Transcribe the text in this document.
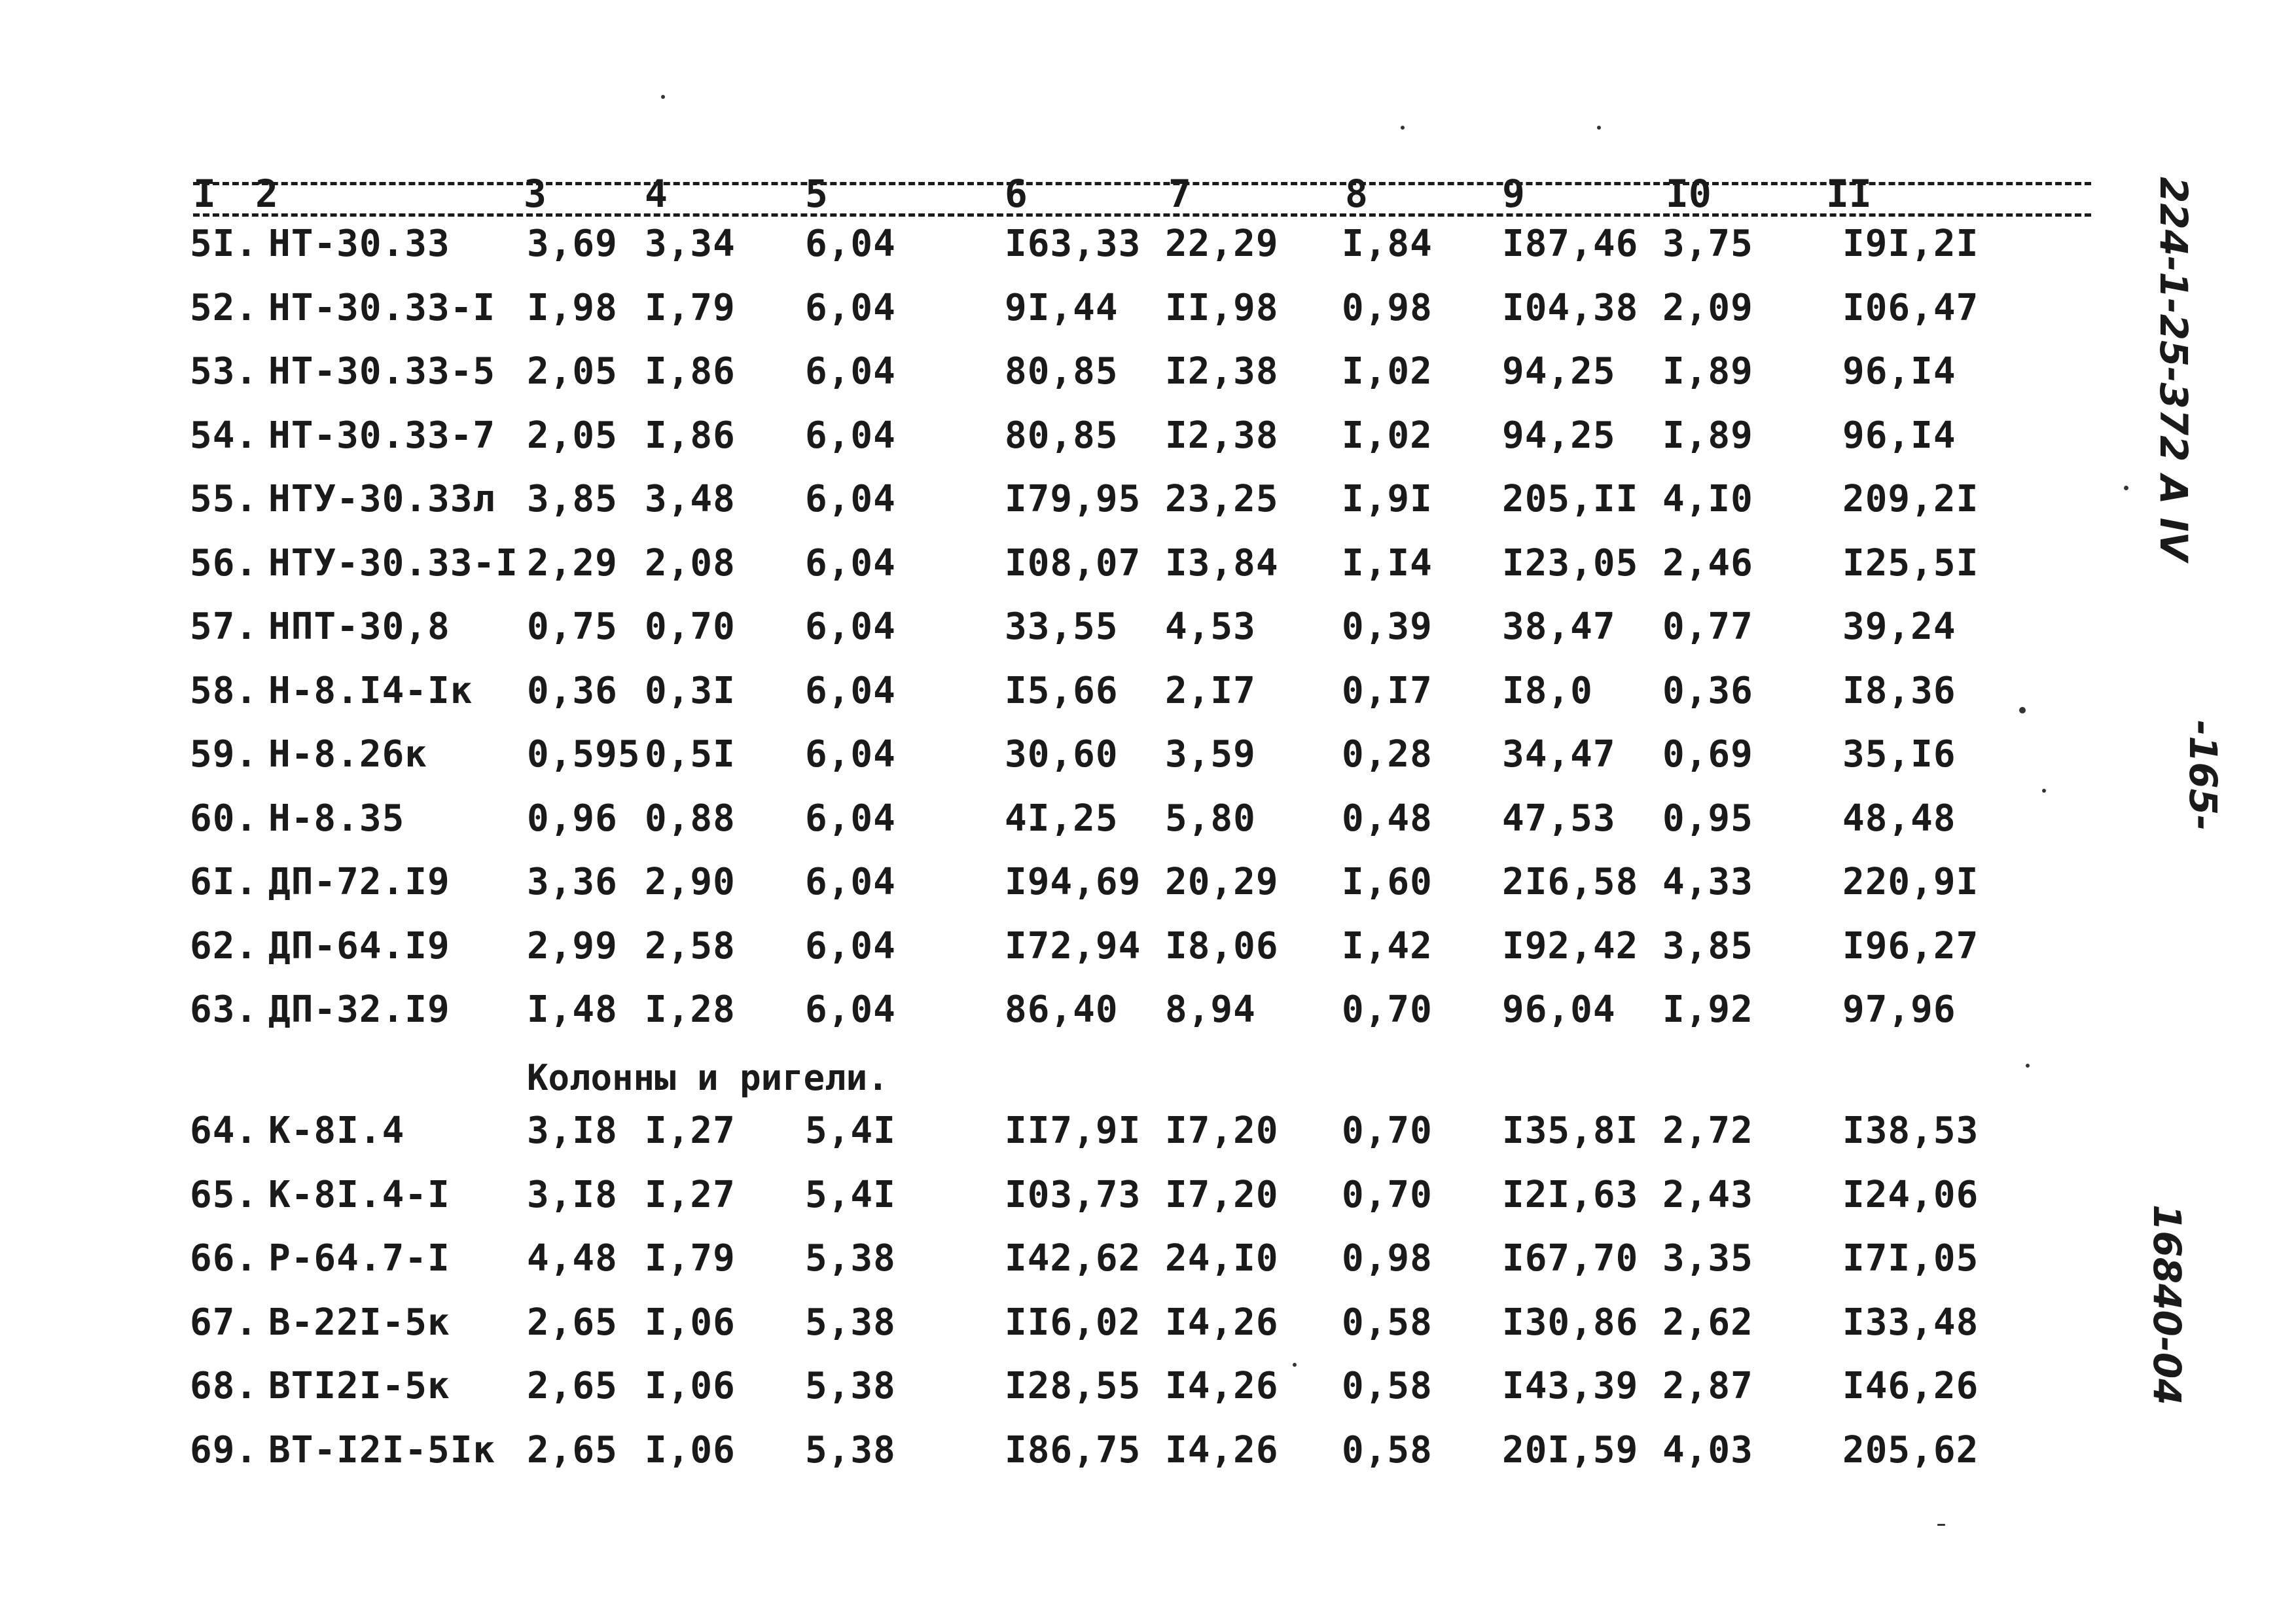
I 2	3	4	5	6	7	8	9	I0	II
5I. НТ-30.33 3,69 3,34 6,04	I63,33 22,29 I,84 I87,46 3,75 I9I,2I
52. НТ-30.33-I I,98 I,79 6,04	9I,44 II,98 0,98 I04,38 2,09 I06,47
53. НТ-30.33-5 2,05 I,86 6,04	80,85 I2,38 I,02 94,25 I,89 96,I4
54. НТ-30.33-7 2,05 I,86 6,04	80,85 I2,38 I,02 94,25 I,89 96,I4
55. НТУ-30.33л 3,85 3,48 6,04	I79,95 23,25 I,9I 205,II 4,I0 209,2I
56. НТУ-30.33-I 2,29 2,08 6,04	I08,07 I3,84 I,I4 I23,05 2,46 I25,5I
57. НПТ-30,8 0,75 0,70 6,04	33,55 4,53 0,39 38,47 0,77 39,24
58. Н-8.I4-Iк 0,36 0,3I 6,04	I5,66 2,I7 0,I7 I8,0 0,36 I8,36
59. Н-8.26к	0,595 0,5I 6,04	30,60 3,59 0,28 34,47 0,69 35,I6
60. Н-8.35	0,96 0,88 6,04	4I,25 5,80 0,48 47,53 0,95 48,48
6I. ДП-72.I9 3,36 2,90 6,04	I94,69 20,29 I,60 2I6,58 4,33 220,9I
62. ДП-64.I9 2,99 2,58 6,04	I72,94 I8,06 I,42 I92,42 3,85 I96,27
63. ДП-32.I9 I,48 I,28 6,04	86,40 8,94 0,70 96,04 I,92 97,96
64. К-8I.4	3,I8 I,27 5,4I	II7,9I I7,20 0,70 I35,8I 2,72 I38,53
65. К-8I.4-I 3,I8 I,27 5,4I	I03,73 I7,20 0,70 I2I,63 2,43 I24,06
66. Р-64.7-I 4,48 I,79 5,38	I42,62 24,I0 0,98 I67,70 3,35 I7I,05
67. В-22I-5к 2,65 I,06 5,38	II6,02 I4,26 0,58 I30,86 2,62 I33,48
68. ВТI2I-5к 2,65 I,06 5,38	I28,55 I4,26 0,58 I43,39 2,87 I46,26
69. ВТ-I2I-5Iк 2,65 I,06 5,38	I86,75 I4,26 0,58 20I,59 4,03 205,62
Колонны и ригели.
224-1-25-372 А IV
-165-
16840-04
